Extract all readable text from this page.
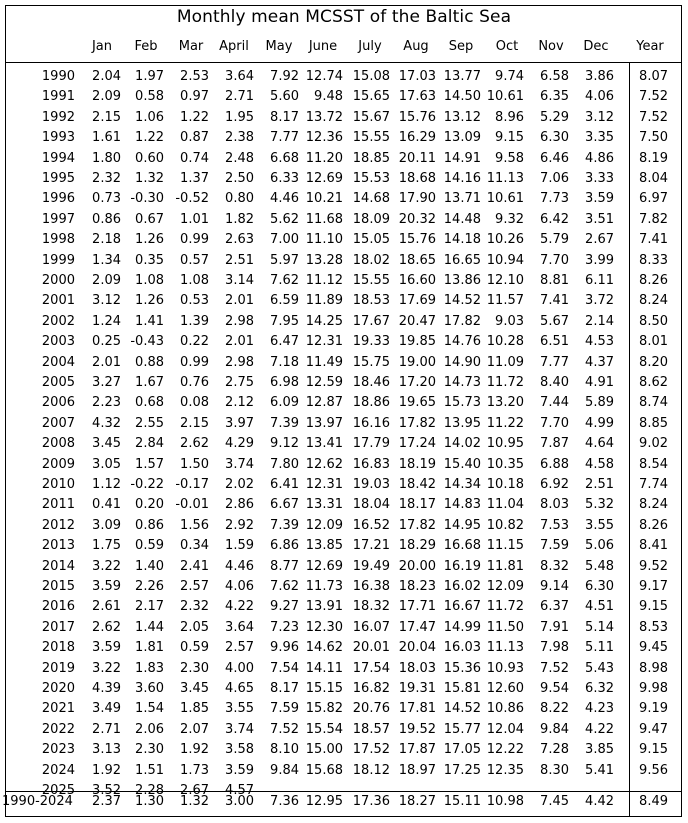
Monthly mean MCSST of the Baltic Sea
Jan	Feb	Mar	April	May	June	July	Aug	Sep	Oct	Nov	Dec	Year
1990	2.04	1.97	2.53	3.64	7.92 12.74 15.08 17.03 13.77	9.74	6.58	3.86	8.07
1991	2.09	0.58	0.97	2.71	5.60	9.48 15.65 17.63 14.50 10.61	6.35	4.06	7.52
1992	2.15	1.06	1.22	1.95	8.17 13.72 15.67 15.76 13.12	8.96	5.29	3.12	7.52
1993	1.61	1.22	0.87	2.38	7.77 12.36 15.55 16.29 13.09	9.15	6.30	3.35	7.50
1994	1.80	0.60	0.74	2.48	6.68 11.20 18.85 20.11 14.91	9.58	6.46	4.86	8.19
1995	2.32	1.32	1.37	2.50	6.33 12.69 15.53 18.68 14.16 11.13	7.06	3.33	8.04
1996	0.73 -0.30 -0.52	0.80	4.46 10.21 14.68 17.90 13.71 10.61	7.73	3.59	6.97
1997	0.86	0.67	1.01	1.82	5.62 11.68 18.09 20.32 14.48	9.32	6.42	3.51	7.82
1998	2.18	1.26	0.99	2.63	7.00 11.10 15.05 15.76 14.18 10.26	5.79	2.67	7.41
1999	1.34	0.35	0.57	2.51	5.97 13.28 18.02 18.65 16.65 10.94	7.70	3.99	8.33
2000	2.09	1.08	1.08	3.14	7.62 11.12 15.55 16.60 13.86 12.10	8.81	6.11	8.26
2001	3.12	1.26	0.53	2.01	6.59 11.89 18.53 17.69 14.52 11.57	7.41	3.72	8.24
2002	1.24	1.41	1.39	2.98	7.95 14.25 17.67 20.47 17.82	9.03	5.67	2.14	8.50
2003	0.25 -0.43	0.22	2.01	6.47 12.31 19.33 19.85 14.76 10.28	6.51	4.53	8.01
2004	2.01	0.88	0.99	2.98	7.18 11.49 15.75 19.00 14.90 11.09	7.77	4.37	8.20
2005	3.27	1.67	0.76	2.75	6.98 12.59 18.46 17.20 14.73 11.72	8.40	4.91	8.62
2006	2.23	0.68	0.08	2.12	6.09 12.87 18.86 19.65 15.73 13.20	7.44	5.89	8.74
2007	4.32	2.55	2.15	3.97	7.39 13.97 16.16 17.82 13.95 11.22	7.70	4.99	8.85
2008	3.45	2.84	2.62	4.29	9.12 13.41 17.79 17.24 14.02 10.95	7.87	4.64	9.02
2009	3.05	1.57	1.50	3.74	7.80 12.62 16.83 18.19 15.40 10.35	6.88	4.58	8.54
2010	1.12 -0.22 -0.17	2.02	6.41 12.31 19.03 18.42 14.34 10.18	6.92	2.51	7.74
2011	0.41	0.20 -0.01	2.86	6.67 13.31 18.04 18.17 14.83 11.04	8.03	5.32	8.24
2012	3.09	0.86	1.56	2.92	7.39 12.09 16.52 17.82 14.95 10.82	7.53	3.55	8.26
2013	1.75	0.59	0.34	1.59	6.86 13.85 17.21 18.29 16.68 11.15	7.59	5.06	8.41
2014	3.22	1.40	2.41	4.46	8.77 12.69 19.49 20.00 16.19 11.81	8.32	5.48	9.52
2015	3.59	2.26	2.57	4.06	7.62 11.73 16.38 18.23 16.02 12.09	9.14	6.30	9.17
2016	2.61	2.17	2.32	4.22	9.27 13.91 18.32 17.71 16.67 11.72	6.37	4.51	9.15
2017	2.62	1.44	2.05	3.64	7.23 12.30 16.07 17.47 14.99 11.50	7.91	5.14	8.53
2018	3.59	1.81	0.59	2.57	9.96 14.62 20.01 20.04 16.03 11.13	7.98	5.11	9.45
2019	3.22	1.83	2.30	4.00	7.54 14.11 17.54 18.03 15.36 10.93	7.52	5.43	8.98
2020	4.39	3.60	3.45	4.65	8.17 15.15 16.82 19.31 15.81 12.60	9.54	6.32	9.98
2021	3.49	1.54	1.85	3.55	7.59 15.82 20.76 17.81 14.52 10.86	8.22	4.23	9.19
2022	2.71	2.06	2.07	3.74	7.52 15.54 18.57 19.52 15.77 12.04	9.84	4.22	9.47
2023	3.13	2.30	1.92	3.58	8.10 15.00 17.52 17.87 17.05 12.22	7.28	3.85	9.15
2024	1.92	1.51	1.73	3.59	9.84 15.68 18.12 18.97 17.25 12.35	8.30	5.41	9.56
2025	3.52	2.28	2.67	4.57
1990-2024	2.37	1.30	1.32	3.00	7.36 12.95 17.36 18.27 15.11 10.98	7.45	4.42	8.49
